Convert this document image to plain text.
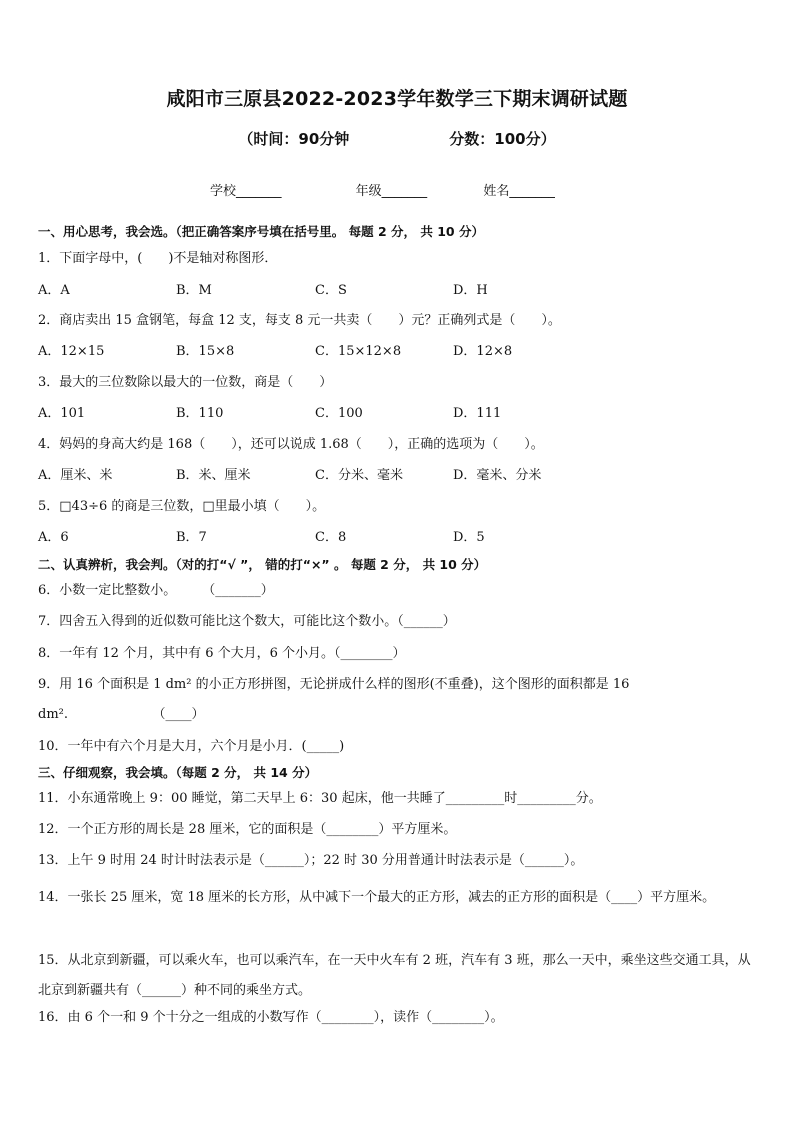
咸阳市三原县2022-2023学年数学三下期末调研试题
（时间：90分钟	分数：100分）
学校_______	年级_______	姓名_______
一、用心思考，我会选。（把正确答案序号填在括号里。 每题 2 分， 共 10 分）
1．下面字母中，(　　)不是轴对称图形．
A．A	B．M	C．S	D．H
2．商店卖出 15 盒钢笔，每盒 12 支，每支 8 元一共卖（　　）元？正确列式是（　　）。
A．12×15	B．15×8	C．15×12×8	D．12×8
3．最大的三位数除以最大的一位数，商是（　　）
A．101	B．110	C．100	D．111
4．妈妈的身高大约是 168（　　），还可以说成 1.68（　　），正确的选项为（　　）。
A．厘米、米	B．米、厘米	C．分米、毫米	D．毫米、分米
5．□43÷6 的商是三位数，□里最小填（　　）。
A．6	B．7	C．8	D．5
二、认真辨析，我会判。（对的打“√ ”， 错的打“×” 。 每题 2 分， 共 10 分）
6．小数一定比整数小。　　　（_______）
7．四舍五入得到的近似数可能比这个数大，可能比这个数小。（______）
8．一年有 12 个月，其中有 6 个大月，6 个小月。（________）
9．用 16 个面积是 1 dm² 的小正方形拼图，无论拼成什么样的图形(不重叠)，这个图形的面积都是 16
dm².　　　　　　　（____）
10．一年中有六个月是大月，六个月是小月．(_____)
三、仔细观察，我会填。（每题 2 分， 共 14 分）
11．小东通常晚上 9：00 睡觉，第二天早上 6：30 起床，他一共睡了_________时_________分。
12．一个正方形的周长是 28 厘米，它的面积是（________）平方厘米。
13．上午 9 时用 24 时计时法表示是（______）；22 时 30 分用普通计时法表示是（______）。
14．一张长 25 厘米，宽 18 厘米的长方形，从中减下一个最大的正方形，减去的正方形的面积是（____）平方厘米。
15．从北京到新疆，可以乘火车，也可以乘汽车，在一天中火车有 2 班，汽车有 3 班，那么一天中，乘坐这些交通工具，从北京到新疆共有（______）种不同的乘坐方式。
16．由 6 个一和 9 个十分之一组成的小数写作（________），读作（________）。
